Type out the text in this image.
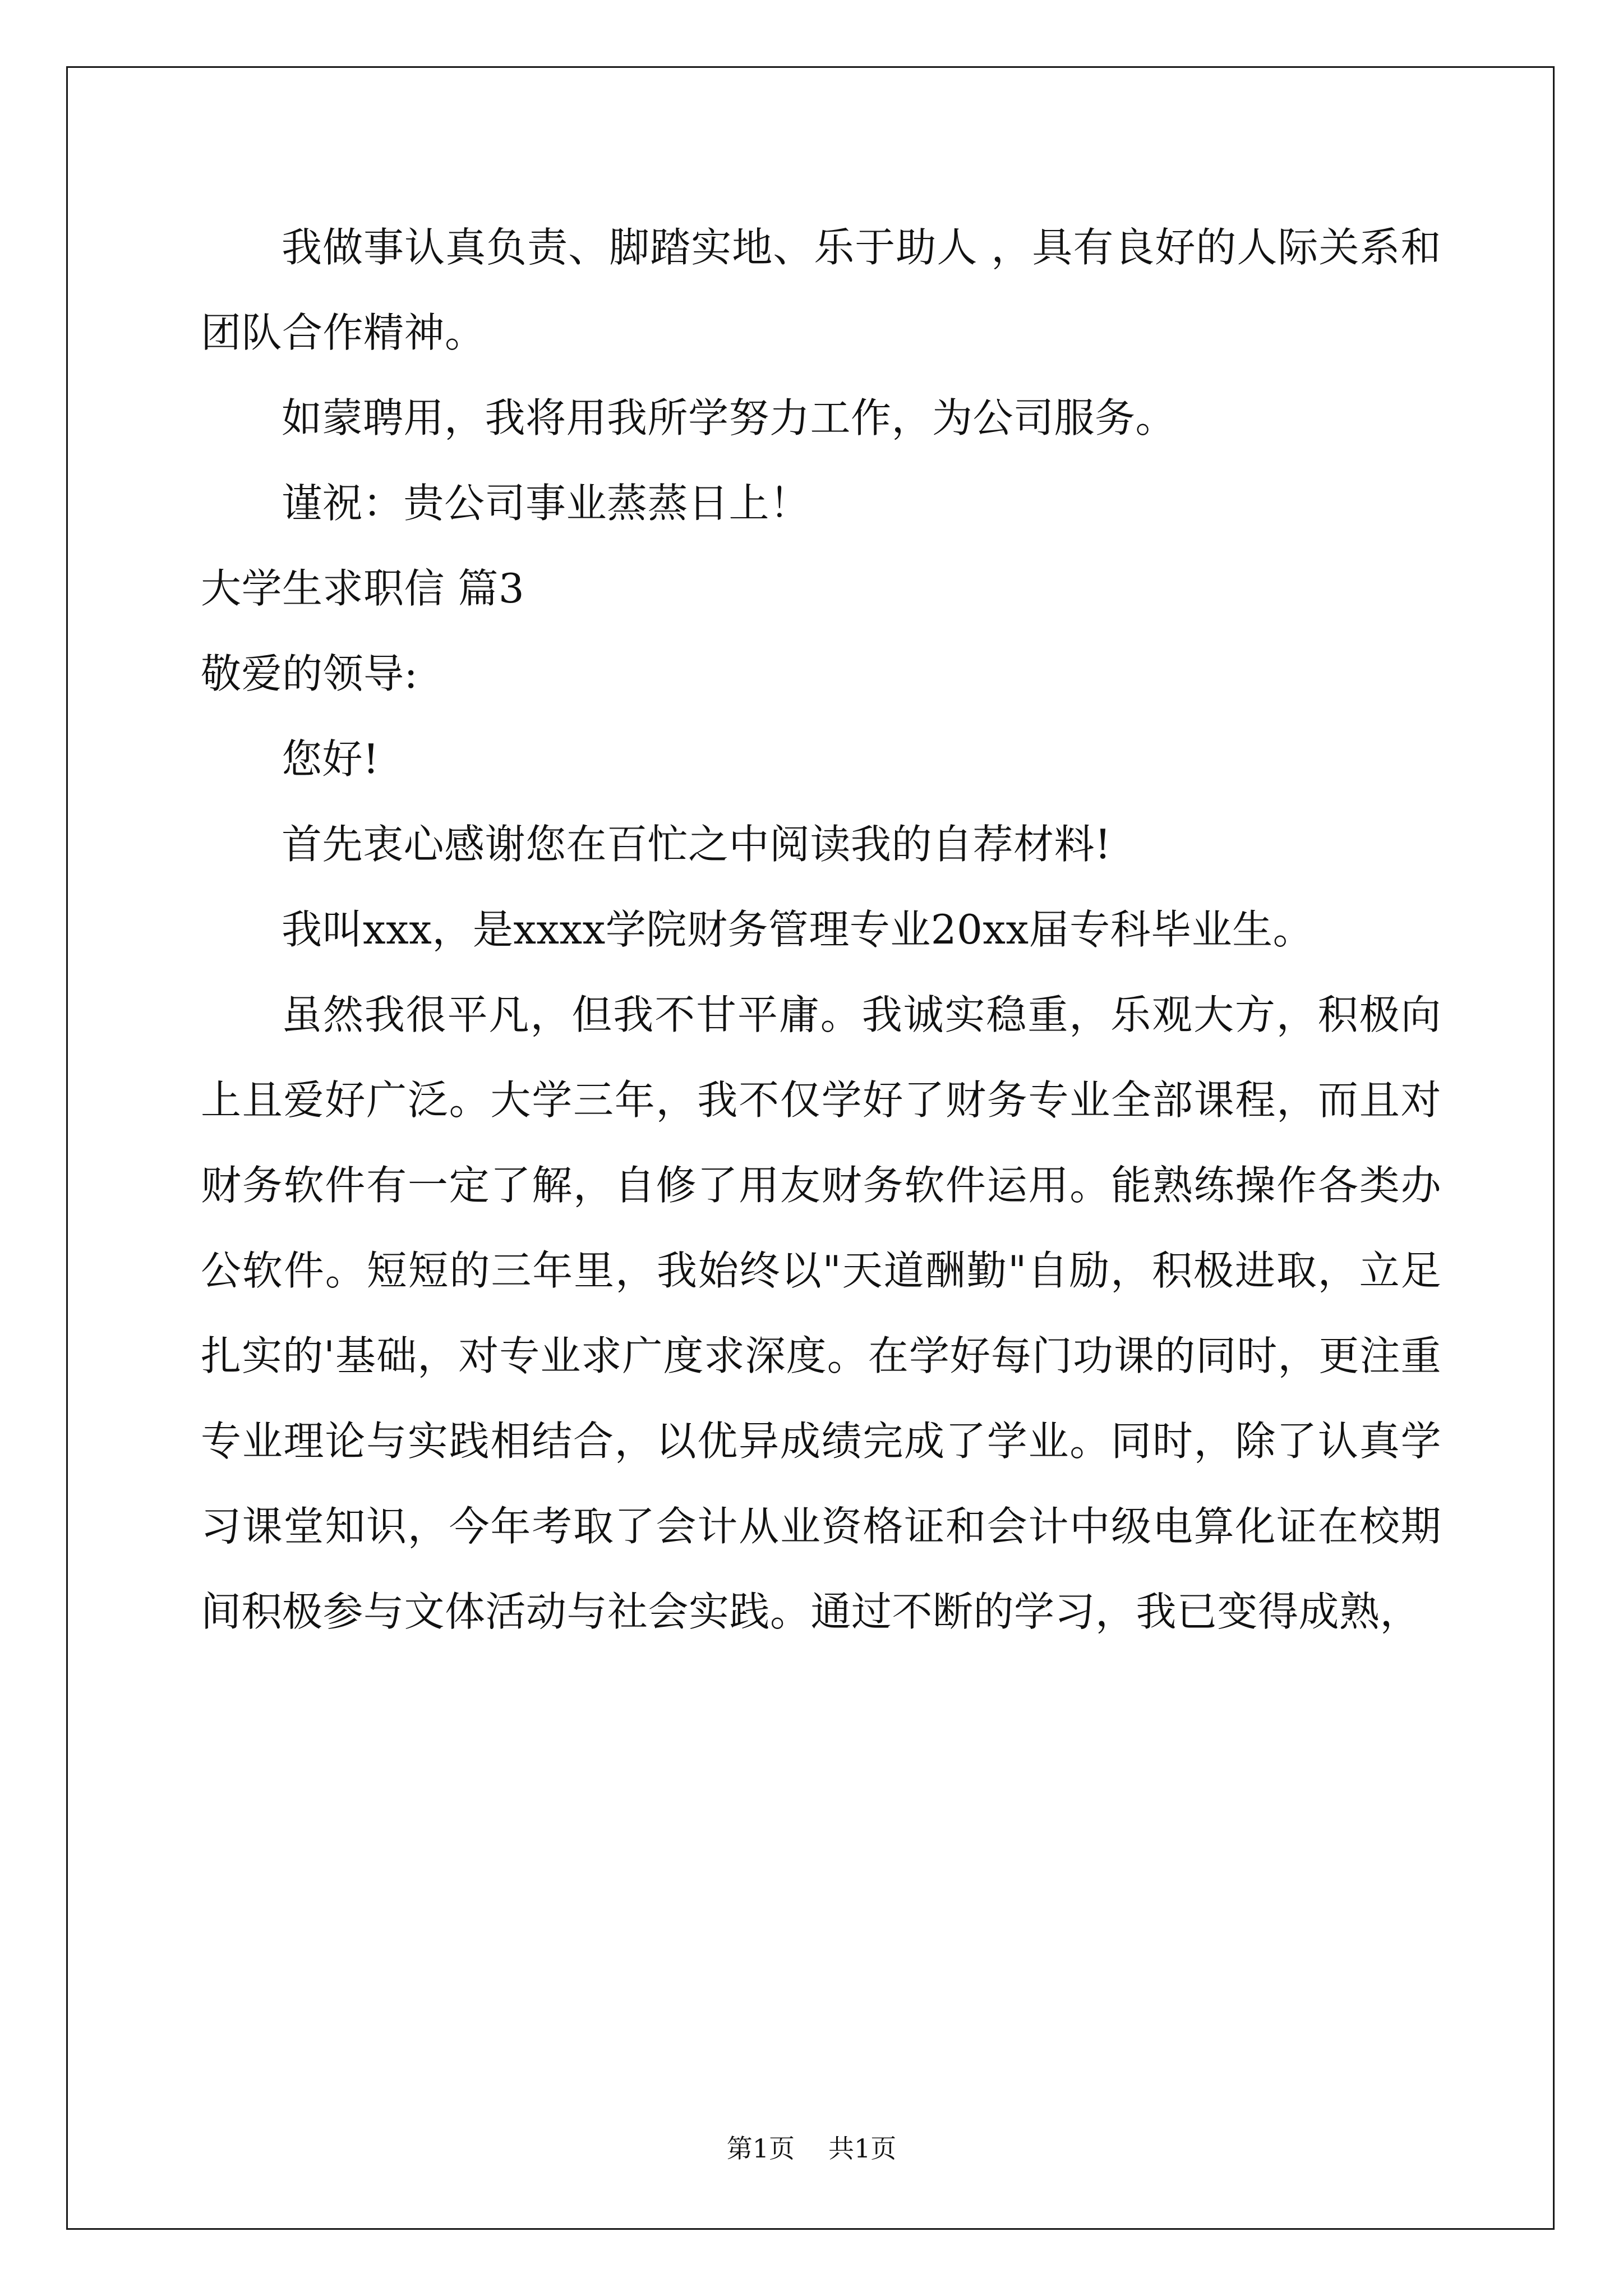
我做事认真负责、脚踏实地、乐于助人 ，具有良好的人际关系和团队合作精神。

如蒙聘用，我将用我所学努力工作，为公司服务。

谨祝：贵公司事业蒸蒸日上！

大学生求职信 篇3

敬爱的领导:

您好!

首先衷心感谢您在百忙之中阅读我的自荐材料!

我叫xxx，是xxxx学院财务管理专业20xx届专科毕业生。

虽然我很平凡，但我不甘平庸。我诚实稳重，乐观大方，积极向上且爱好广泛。大学三年，我不仅学好了财务专业全部课程，而且对财务软件有一定了解，自修了用友财务软件运用。能熟练操作各类办公软件。短短的三年里，我始终以"天道酬勤"自励，积极进取，立足扎实的'基础，对专业求广度求深度。在学好每门功课的同时，更注重专业理论与实践相结合，以优异成绩完成了学业。同时，除了认真学习课堂知识，今年考取了会计从业资格证和会计中级电算化证在校期间积极参与文体活动与社会实践。通过不断的学习，我已变得成熟，

第1页 共1页
